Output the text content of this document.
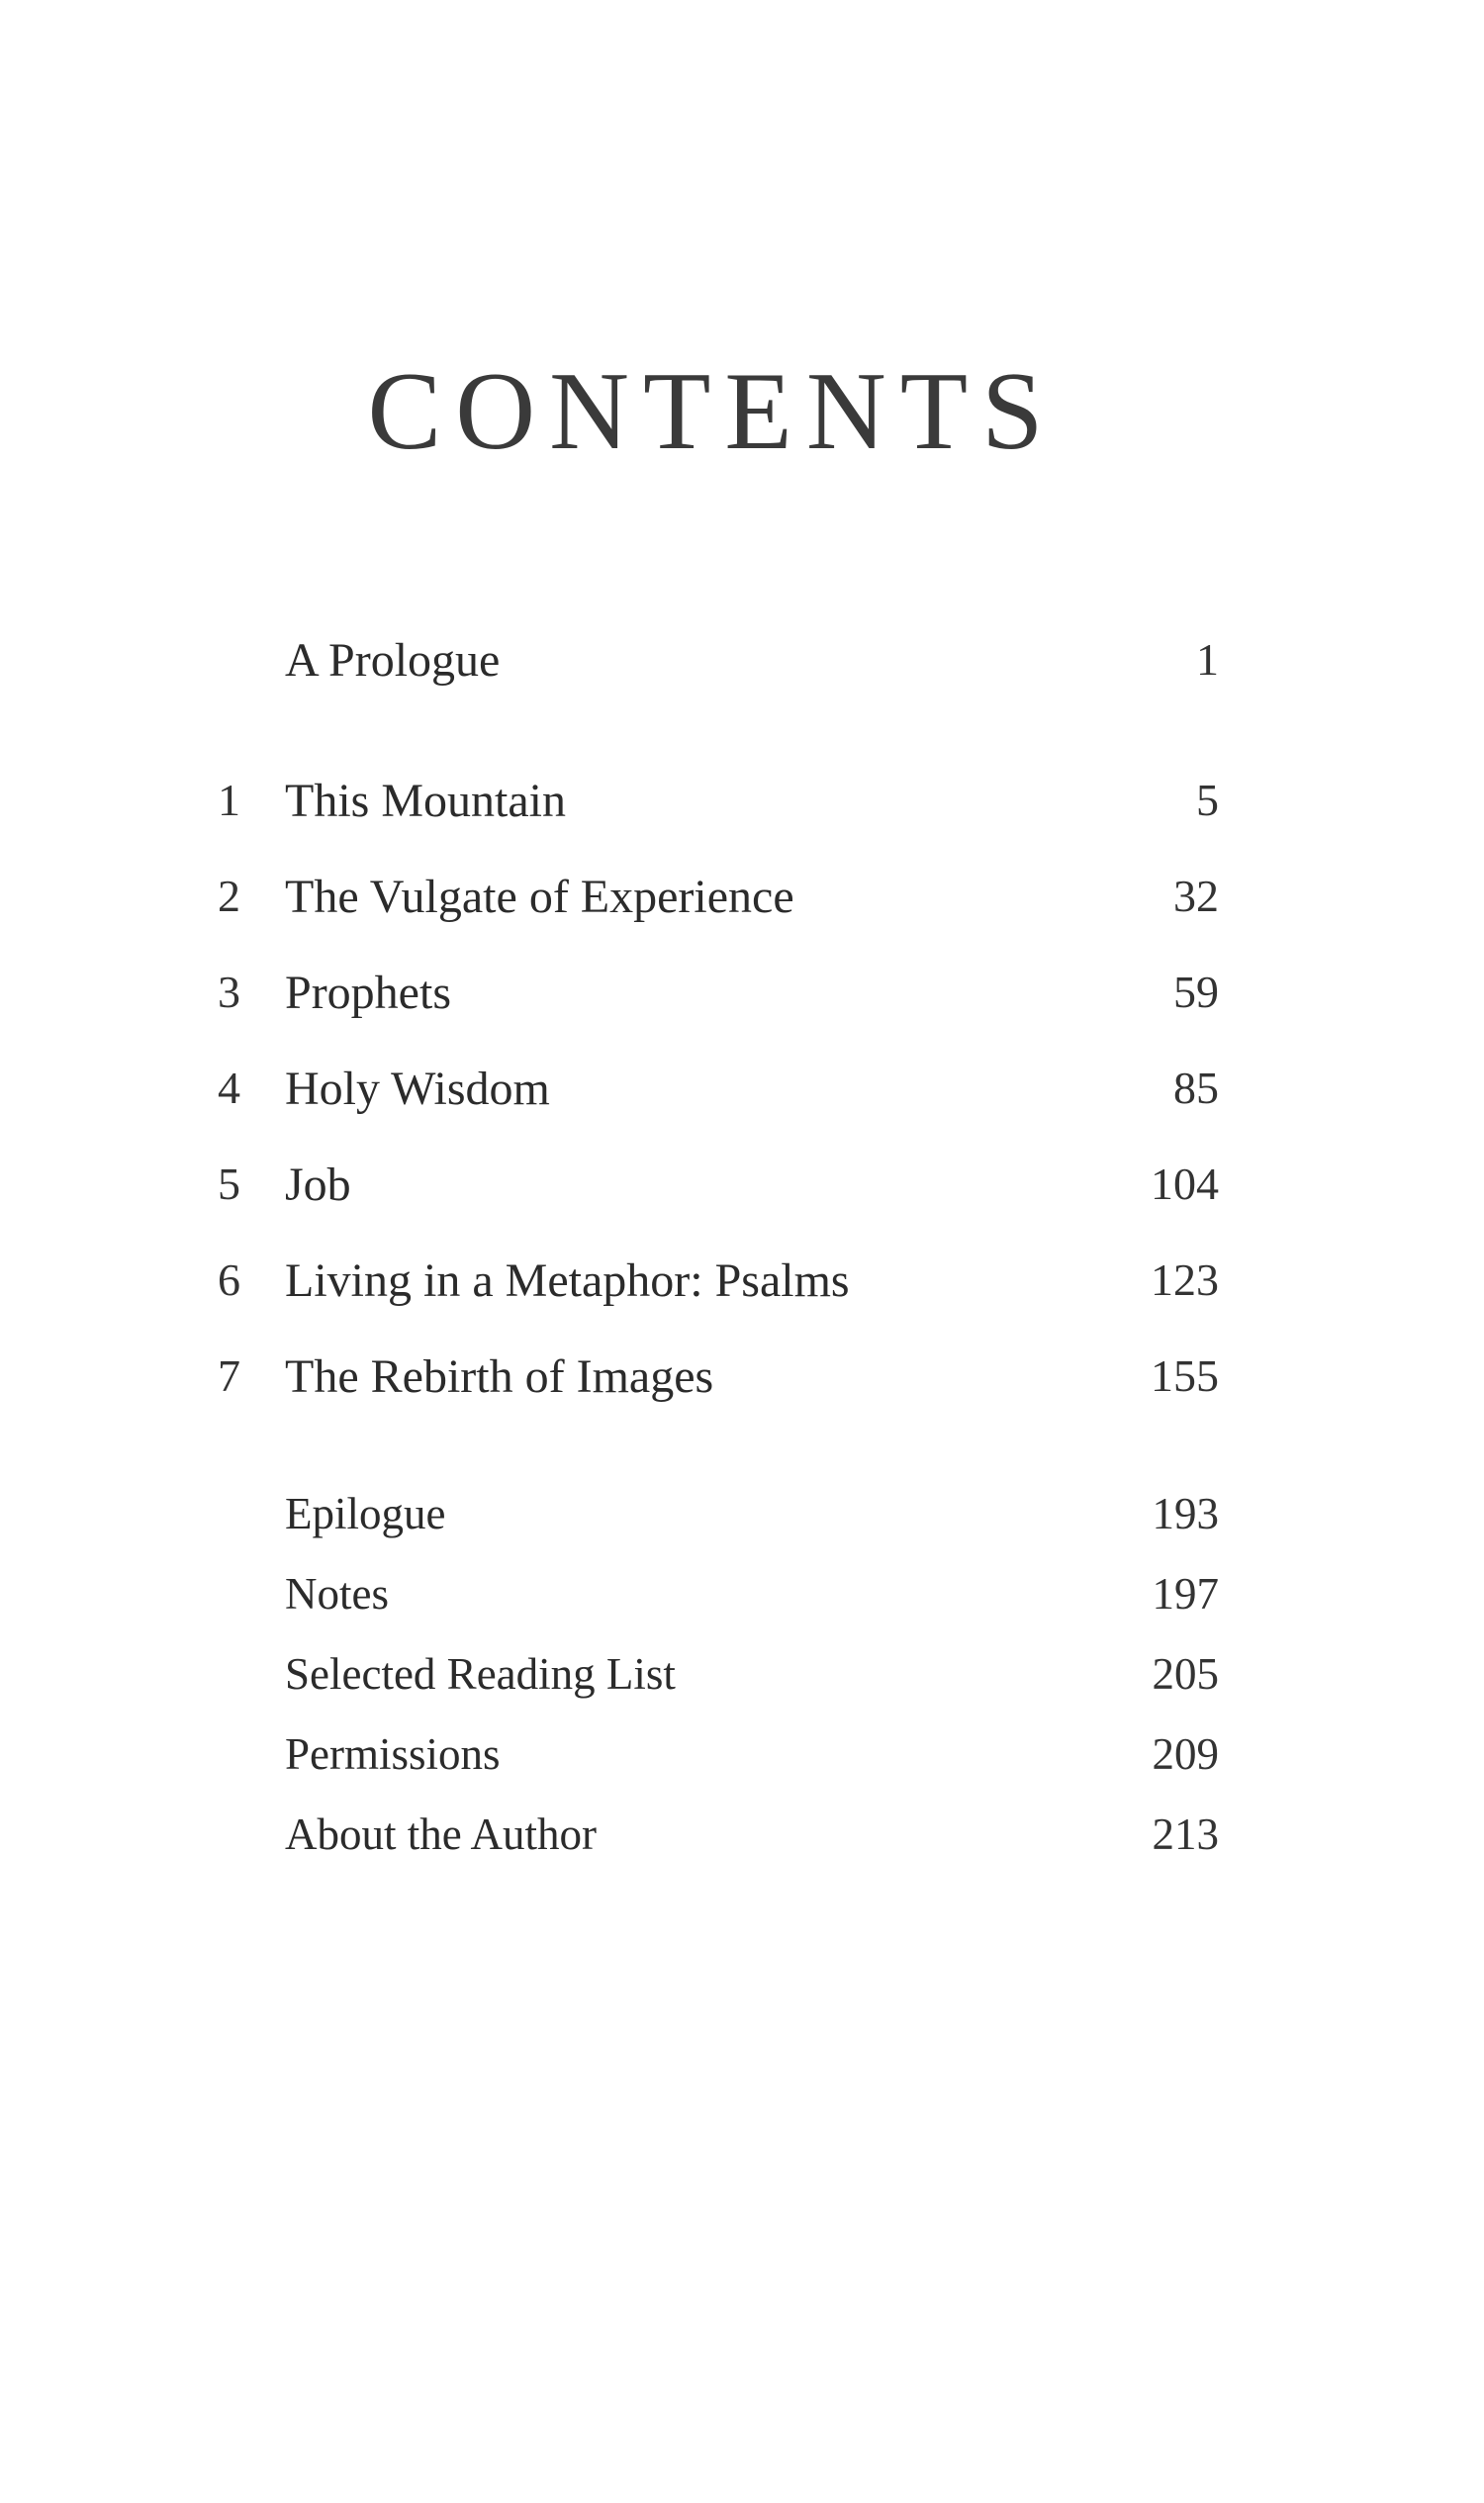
CONTENTS
A Prologue	1
1 This Mountain	5
2 The Vulgate of Experience	32
3 Prophets	59
4 Holy Wisdom	85
5 Job	104
6 Living in a Metaphor: Psalms	123
7 The Rebirth of Images	155
Epilogue	193
Notes	197
Selected Reading List	205
Permissions	209
About the Author	213
